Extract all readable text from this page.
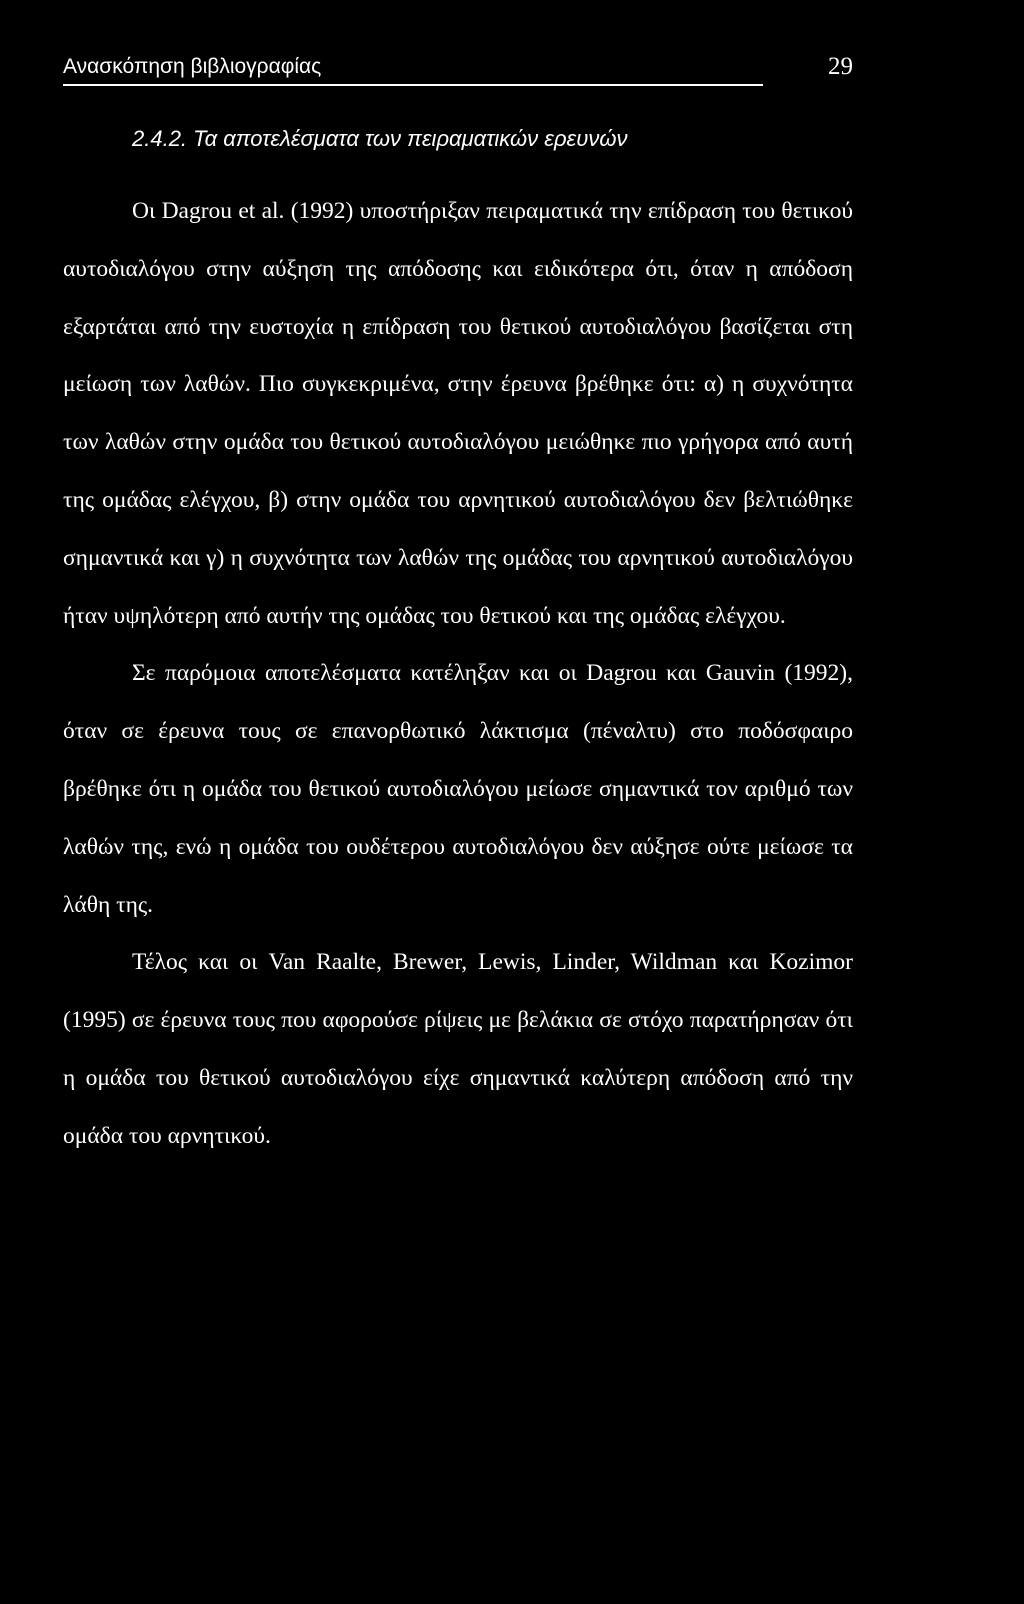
Ανασκόπηση βιβλιογραφίας	29
2.4.2. Τα αποτελέσματα των πειραματικών ερευνών

Οι Dagrou et al. (1992) υποστήριξαν πειραματικά την επίδραση του θετικού αυτοδιαλόγου στην αύξηση της απόδοσης και ειδικότερα ότι, όταν η απόδοση εξαρτάται από την ευστοχία η επίδραση του θετικού αυτοδιαλόγου βασίζεται στη μείωση των λαθών. Πιο συγκεκριμένα, στην έρευνα βρέθηκε ότι: α) η συχνότητα των λαθών στην ομάδα του θετικού αυτοδιαλόγου μειώθηκε πιο γρήγορα από αυτή της ομάδας ελέγχου, β) στην ομάδα του αρνητικού αυτοδιαλόγου δεν βελτιώθηκε σημαντικά και γ) η συχνότητα των λαθών της ομάδας του αρνητικού αυτοδιαλόγου ήταν υψηλότερη από αυτήν της ομάδας του θετικού και της ομάδας ελέγχου.

Σε παρόμοια αποτελέσματα κατέληξαν και οι Dagrou και Gauvin (1992), όταν σε έρευνα τους σε επανορθωτικό λάκτισμα (πέναλτυ) στο ποδόσφαιρο βρέθηκε ότι η ομάδα του θετικού αυτοδιαλόγου μείωσε σημαντικά τον αριθμό των λαθών της, ενώ η ομάδα του ουδέτερου αυτοδιαλόγου δεν αύξησε ούτε μείωσε τα λάθη της.

Τέλος και οι Van Raalte, Brewer, Lewis, Linder, Wildman και Kozimor (1995) σε έρευνα τους που αφορούσε ρίψεις με βελάκια σε στόχο παρατήρησαν ότι η ομάδα του θετικού αυτοδιαλόγου είχε σημαντικά καλύτερη απόδοση από την ομάδα του αρνητικού.
